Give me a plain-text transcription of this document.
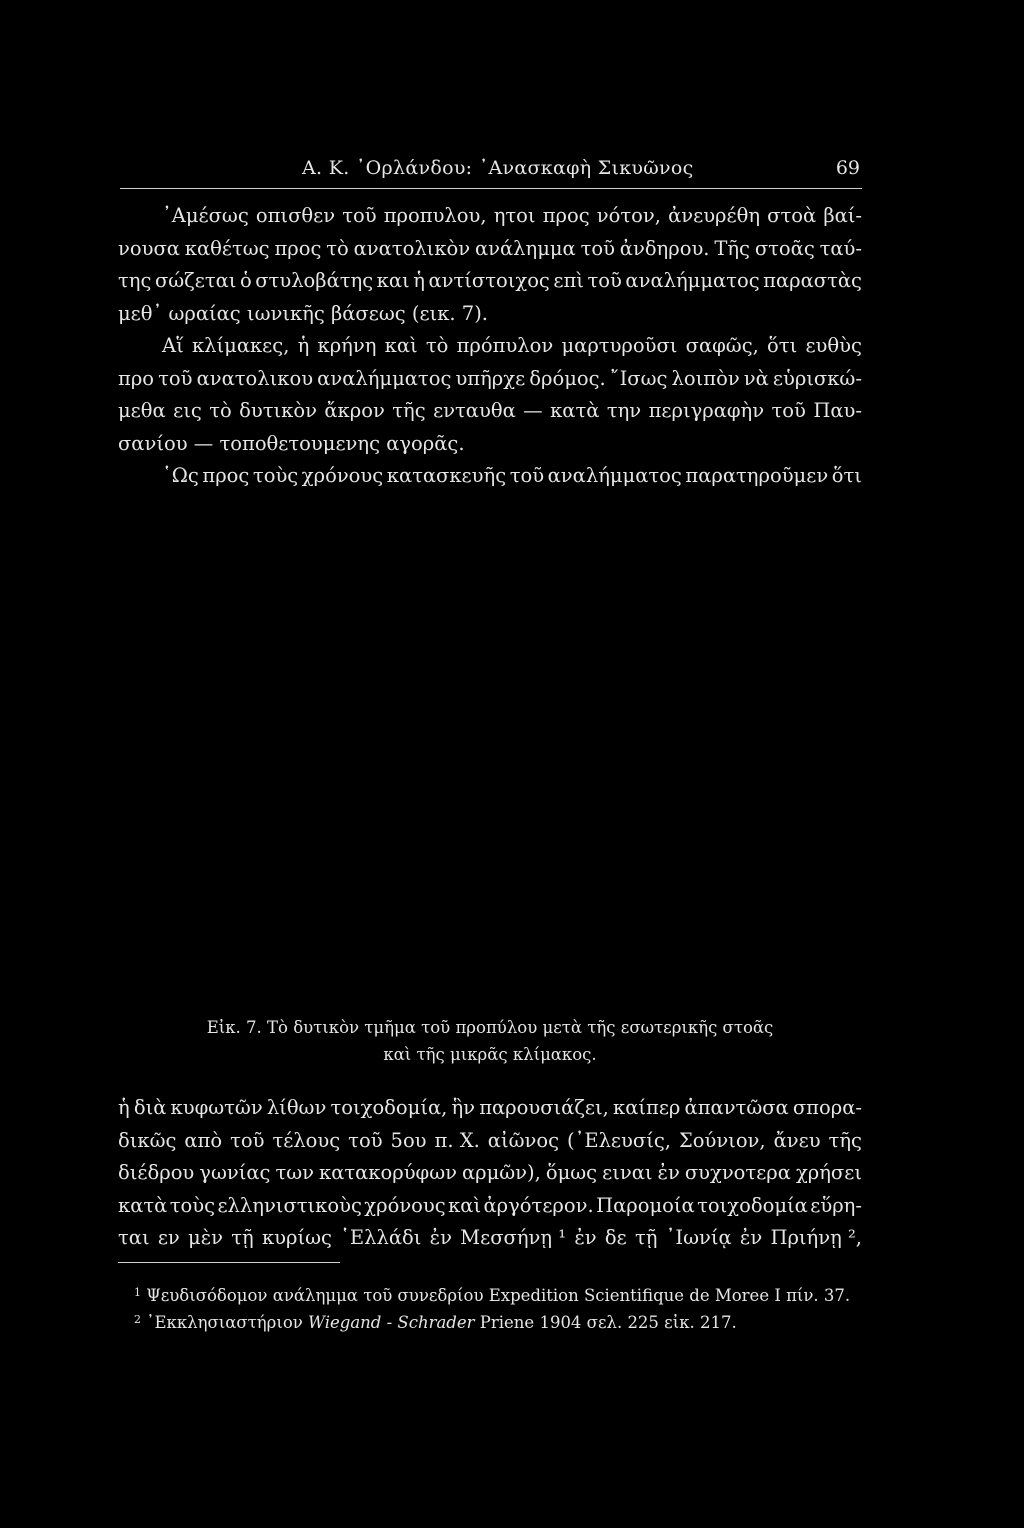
Α. Κ. ᾿Ορλάνδου: ᾿Ανασκαφὴ Σικυῶνος	69
᾿Αμέσως οπισθεν τοῦ προπυλου, ητοι προς νότον, ἀνευρέθη στοὰ βαί-
νουσα καθέτως προς τὸ ανατολικὸν ανάλημμα τοῦ ἀνδηρου. Τῆς στοᾶς ταύ-
της σώζεται ὁ στυλοβάτης και ἡ αντίστοιχος επὶ τοῦ αναλήμματος παραστὰς
μεθ᾿ ωραίας ιωνικῆς βάσεως (εικ. 7).
Αἵ κλίμακες, ἡ κρήνη καὶ τὸ πρόπυλον μαρτυροῦσι σαφῶς, ὅτι ευθὺς
προ τοῦ ανατολικου αναλήμματος υπῆρχε δρόμος. ῎Ισως λοιπὸν νὰ εὑρισκώ-
μεθα εις τὸ δυτικὸν ἄκρον τῆς ενταυθα — κατὰ την περιγραφὴν τοῦ Παυ-
σανίου — τοποθετουμενης αγορᾶς.
῾Ως προς τοὺς χρόνους κατασκευῆς τοῦ αναλήμματος παρατηροῦμεν ὅτι
Εἰκ. 7. Τὸ δυτικὸν τμῆμα τοῦ προπύλου μετὰ τῆς εσωτερικῆς στοᾶς
καὶ τῆς μικρᾶς κλίμακος.
ἡ διὰ κυφωτῶν λίθων τοιχοδομία, ἣν παρουσιάζει, καίπερ ἀπαντῶσα σπορα-
δικῶς απὸ τοῦ τέλους τοῦ 5ου π. Χ. αἰῶνος (᾿Ελευσίς, Σούνιον, ἄνευ τῆς
διέδρου γωνίας των κατακορύφων αρμῶν), ὅμως ειναι ἐν συχνοτερα χρήσει
κατὰ τοὺς ελληνιστικοὺς χρόνους καὶ ἀργότερον. Παρομοία τοιχοδομία εὕρη-
ται εν μὲν τῇ κυρίως ῾Ελλάδι ἐν Μεσσήνῃ ¹ ἐν δε τῇ ᾿Ιωνίᾳ ἐν Πριήνῃ ²,
$^1$ Ψευδισόδομον ανάλημμα τοῦ συνεδρίου Expedition Scientifique de Moree I πίν. 37.
$^2$ ᾿Εκκλησιαστήριον Wiegand - Schrader Priene 1904 σελ. 225 εἰκ. 217.
